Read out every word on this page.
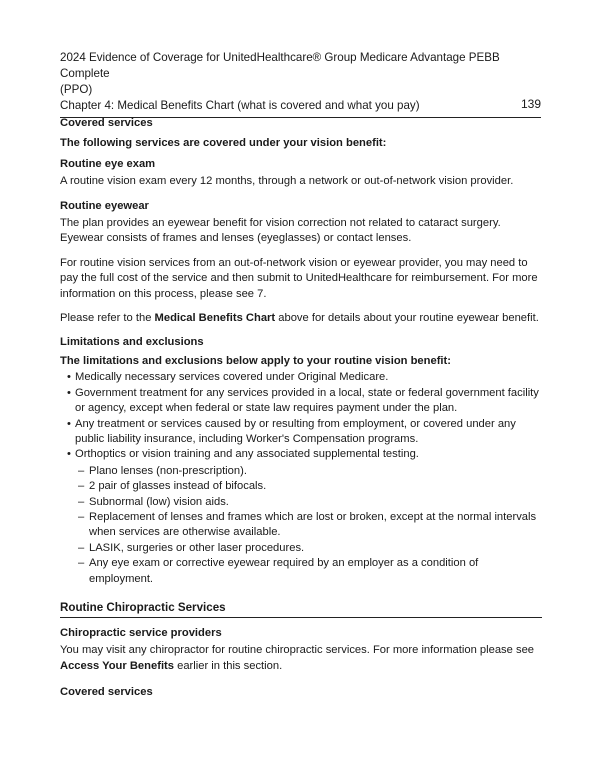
2024 Evidence of Coverage for UnitedHealthcare® Group Medicare Advantage PEBB Complete
(PPO)
Chapter 4: Medical Benefits Chart (what is covered and what you pay)	139

Covered services

The following services are covered under your vision benefit:

Routine eye exam

A routine vision exam every 12 months, through a network or out-of-network vision provider.

Routine eyewear

The plan provides an eyewear benefit for vision correction not related to cataract surgery. Eyewear consists of frames and lenses (eyeglasses) or contact lenses.

For routine vision services from an out-of-network vision or eyewear provider, you may need to pay the full cost of the service and then submit to UnitedHealthcare for reimbursement. For more information on this process, please see 7.

Please refer to the Medical Benefits Chart above for details about your routine eyewear benefit.

Limitations and exclusions

The limitations and exclusions below apply to your routine vision benefit:

• Medically necessary services covered under Original Medicare.
• Government treatment for any services provided in a local, state or federal government facility or agency, except when federal or state law requires payment under the plan.
• Any treatment or services caused by or resulting from employment, or covered under any public liability insurance, including Worker's Compensation programs.
• Orthoptics or vision training and any associated supplemental testing.
– Plano lenses (non-prescription).
– 2 pair of glasses instead of bifocals.
– Subnormal (low) vision aids.
– Replacement of lenses and frames which are lost or broken, except at the normal intervals when services are otherwise available.
– LASIK, surgeries or other laser procedures.
– Any eye exam or corrective eyewear required by an employer as a condition of employment.
Routine Chiropractic Services

Chiropractic service providers

You may visit any chiropractor for routine chiropractic services. For more information please see Access Your Benefits earlier in this section.

Covered services
